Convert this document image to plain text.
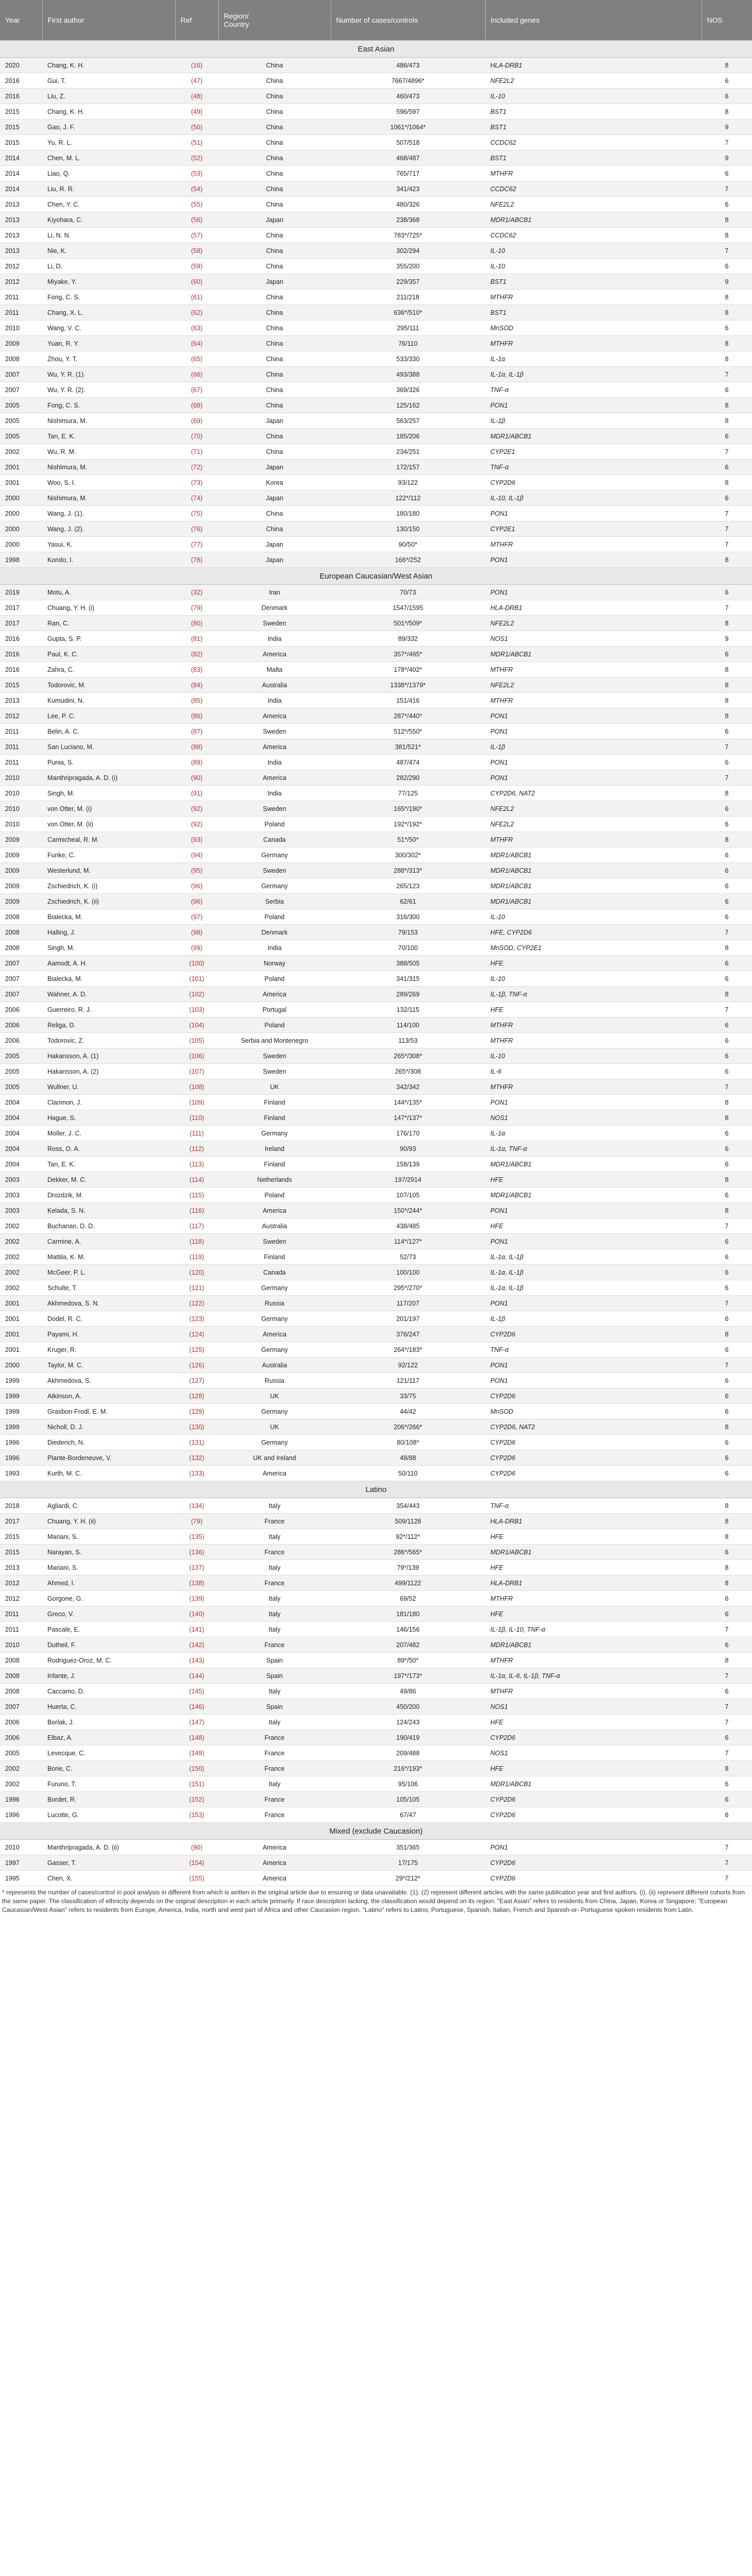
Year	First author	Ref	Region/
Country	Number of cases/controls	Included genes	NOS
East Asian						
2020	Chang, K. H.	(16)	China	486/473	HLA-DRB1	8
2016	Gui, T.	(47)	China	7667/4896*	NFE2L2	6
2016	Liu, Z.	(48)	China	460/473	IL-10	6
2015	Chang, K. H.	(49)	China	596/597	BST1	8
2015	Gao, J. F.	(50)	China	1061*/1064*	BST1	9
2015	Yu, R. L.	(51)	China	507/518	CCDC62	7
2014	Chen, M. L.	(52)	China	468/487	BST1	9
2014	Liao, Q.	(53)	China	765/717	MTHFR	6
2014	Liu, R. R.	(54)	China	341/423	CCDC62	7
2013	Chen, Y. C.	(55)	China	480/326	NFE2L2	6
2013	Kiyohara, C.	(56)	Japan	238/368	MDR1/ABCB1	8
2013	Li, N. N.	(57)	China	783*/725*	CCDC62	8
2013	Nie, K.	(58)	China	302/294	IL-10	7
2012	Li, D.	(59)	China	355/200	IL-10	6
2012	Miyake, Y.	(60)	Japan	229/357	BST1	9
2011	Fong, C. S.	(61)	China	211/218	MTHFR	8
2011	Chang, X. L.	(62)	China	636*/510*	BST1	8
2010	Wang, V. C.	(63)	China	295/111	MnSOD	6
2009	Yuan, R. Y.	(64)	China	76/110	MTHFR	8
2008	Zhou, Y. T.	(65)	China	533/330	IL-1α	8
2007	Wu, Y. R. (1).	(66)	China	493/388	IL-1α, IL-1β	7
2007	Wu, Y. R. (2).	(67)	China	369/326	TNF-α	6
2005	Fong, C. S.	(68)	China	125/162	PON1	8
2005	Nishimura, M.	(69)	Japan	563/257	IL-1β	8
2005	Tan, E. K.	(70)	China	185/206	MDR1/ABCB1	6
2002	Wu, R. M.	(71)	China	234/251	CYP2E1	7
2001	Nishimura, M.	(72)	Japan	172/157	TNF-α	6
2001	Woo, S. I.	(73)	Korea	93/122	CYP2D6	8
2000	Nishimura, M.	(74)	Japan	122*/112	IL-10, IL-1β	6
2000	Wang, J. (1).	(75)	China	180/180	PON1	7
2000	Wang, J. (2).	(76)	China	130/150	CYP2E1	7
2000	Yasui, K.	(77)	Japan	90/50*	MTHFR	7
1998	Kondo, I.	(78)	Japan	166*/252	PON1	8
European Caucasian/West Asian						
2019	Motu, A.	(32)	Iran	70/73	PON1	6
2017	Chuang, Y. H. (i)	(79)	Denmark	1547/1595	HLA-DRB1	7
2017	Ran, C.	(80)	Sweden	501*/509*	NFE2L2	8
2016	Gupta, S. P.	(81)	India	89/332	NOS1	9
2016	Paul, K. C.	(82)	America	357*/495*	MDR1/ABCB1	6
2016	Zahra, C.	(83)	Malta	178*/402*	MTHFR	8
2015	Todorovic, M.	(84)	Australia	1338*/1379*	NFE2L2	8
2013	Kumudini, N.	(85)	India	151/416	MTHFR	8
2012	Lee, P. C.	(86)	America	287*/440*	PON1	8
2011	Belin, A. C.	(87)	Sweden	512*/550*	PON1	6
2011	San Luciano, M.	(88)	America	381/521*	IL-1β	7
2011	Punia, S.	(89)	India	487/474	PON1	6
2010	Manthripragada, A. D. (i)	(90)	America	282/290	PON1	7
2010	Singh, M.	(91)	India	77/125	CYP2D6, NAT2	8
2010	von Otter, M. (i)	(92)	Sweden	165*/190*	NFE2L2	6
2010	von Otter, M. (ii)	(92)	Poland	192*/192*	NFE2L2	6
2009	Carmicheal, R. M.	(93)	Canada	51*/50*	MTHFR	8
2009	Funke, C.	(94)	Germany	300/302*	MDR1/ABCB1	6
2009	Westerlund, M.	(95)	Sweden	288*/313*	MDR1/ABCB1	6
2009	Zschiedrich, K. (i)	(96)	Germany	265/123	MDR1/ABCB1	6
2009	Zschiedrich, K. (ii)	(96)	Serbia	62/61	MDR1/ABCB1	6
2008	Bialecka, M.	(97)	Poland	316/300	IL-10	6
2008	Halling, J.	(98)	Denmark	79/153	HFE, CYP2D6	7
2008	Singh, M.	(99)	India	70/100	MnSOD, CYP2E1	8
2007	Aamodt, A. H.	(100)	Norway	388/505	HFE	6
2007	Bialecka, M.	(101)	Poland	341/315	IL-10	6
2007	Wahner, A. D.	(102)	America	289/269	IL-1β, TNF-α	8
2006	Guerreiro, R. J.	(103)	Portugal	132/115	HFE	7
2006	Religa, D.	(104)	Poland	114/100	MTHFR	6
2006	Todorovic, Z.	(105)	Serbia and Montenegro	113/53	MTHFR	6
2005	Hakansson, A. (1)	(106)	Sweden	265*/308*	IL-10	6
2005	Hakansson, A. (2)	(107)	Sweden	265*/308	IL-6	6
2005	Wullner, U.	(108)	UK	342/342	MTHFR	7
2004	Clarimon, J.	(109)	Finland	144*/135*	PON1	8
2004	Hague, S.	(110)	Finland	147*/137*	NOS1	8
2004	Moller, J. C.	(111)	Germany	176/170	IL-1α	6
2004	Ross, O. A.	(112)	Ireland	90/93	IL-1α, TNF-α	6
2004	Tan, E. K.	(113)	Finland	158/139	MDR1/ABCB1	6
2003	Dekker, M. C.	(114)	Netherlands	197/2914	HFE	8
2003	Drozdzik, M.	(115)	Poland	107/105	MDR1/ABCB1	6
2003	Kelada, S. N.	(116)	America	150*/244*	PON1	8
2002	Buchanan, D. D.	(117)	Australia	438/485	HFE	7
2002	Carmine, A.	(118)	Sweden	114*/127*	PON1	6
2002	Mattila, K. M.	(119)	Finland	52/73	IL-1α, IL-1β	6
2002	McGeer, P. L.	(120)	Canada	100/100	IL-1α, IL-1β	6
2002	Schulte, T.	(121)	Germany	295*/270*	IL-1α, IL-1β	6
2001	Akhmedova, S. N.	(122)	Russia	117/207	PON1	7
2001	Dodel, R. C.	(123)	Germany	201/197	IL-1β	6
2001	Payami, H.	(124)	America	376/247	CYP2D6	8
2001	Kruger, R.	(125)	Germany	264*/183*	TNF-α	6
2000	Taylor, M. C.	(126)	Australia	92/122	PON1	7
1999	Akhmedova, S.	(127)	Russia	121/117	PON1	6
1999	Atkinson, A.	(128)	UK	33/75	CYP2D6	6
1999	Grasbon-Frodl, E. M.	(129)	Germany	44/42	MnSOD	6
1999	Nicholl, D. J.	(130)	UK	206*/266*	CYP2D6, NAT2	8
1996	Diederich, N.	(131)	Germany	80/108*	CYP2D6	6
1996	Plante-Bordeneuve, V.	(132)	UK and Ireland	48/88	CYP2D6	6
1993	Kurth, M. C.	(133)	America	50/110	CYP2D6	6
Latino						
2018	Agliardi, C.	(134)	Italy	354/443	TNF-α	8
2017	Chuang, Y. H. (ii)	(79)	France	509/1128	HLA-DRB1	8
2015	Mariani, S.	(135)	Italy	92*/112*	HFE	8
2015	Narayan, S.	(136)	France	286*/565*	MDR1/ABCB1	6
2013	Mariani, S.	(137)	Italy	79*/139	HFE	8
2012	Ahmed, I.	(138)	France	499/1122	HLA-DRB1	8
2012	Gorgone, G.	(139)	Italy	69/52	MTHFR	6
2011	Greco, V.	(140)	Italy	181/180	HFE	6
2011	Pascale, E.	(141)	Italy	146/156	IL-1β, IL-10, TNF-α	7
2010	Dutheil, F.	(142)	France	207/482	MDR1/ABCB1	6
2008	Rodriguez-Oroz, M. C.	(143)	Spain	89*/50*	MTHFR	8
2008	Infante, J.	(144)	Spain	197*/173*	IL-1α, IL-6, IL-1β, TNF-α	7
2008	Caccamo, D.	(145)	Italy	49/86	MTHFR	6
2007	Huerta, C.	(146)	Spain	450/200	NOS1	7
2006	Borlak, J.	(147)	Italy	124/243	HFE	7
2006	Elbaz, A.	(148)	France	190/419	CYP2D6	6
2005	Levecque, C.	(149)	France	209/488	NOS1	7
2002	Borie, C.	(150)	France	216*/193*	HFE	8
2002	Furuno, T.	(151)	Italy	95/106	MDR1/ABCB1	6
1996	Bordet, R.	(152)	France	105/105	CYP2D6	6
1996	Lucotte, G.	(153)	France	67/47	CYP2D6	6
Mixed (exclude Caucasion)						
2010	Manthripragada, A. D. (ii)	(90)	America	351/365	PON1	7
1997	Gasser, T.	(154)	America	17/175	CYP2D6	7
1995	Chen, X.	(155)	America	29*/212*	CYP2D6	7

* represents the number of cases/control in pool analysis in different from which is written in the original article due to ensuring or data unavailable. (1), (2) represent different articles with the same publication year and first authors. (i), (ii) represent different cohorts from the same paper. The classification of ethnicity depends on the original description in each article primarily. If race description lacking, the classification would depend on its region. "East Asian" refers to residents from China, Japan, Korea or Singapore; "European Caucasian/West Asian" refers to residents from Europe, America, India, north and west part of Africa and other Caucasion region. "Latino" refers to Latino, Portuguese, Spanish, Italian, French and Spanish-or- Portuguese spoken residents from Latin.
